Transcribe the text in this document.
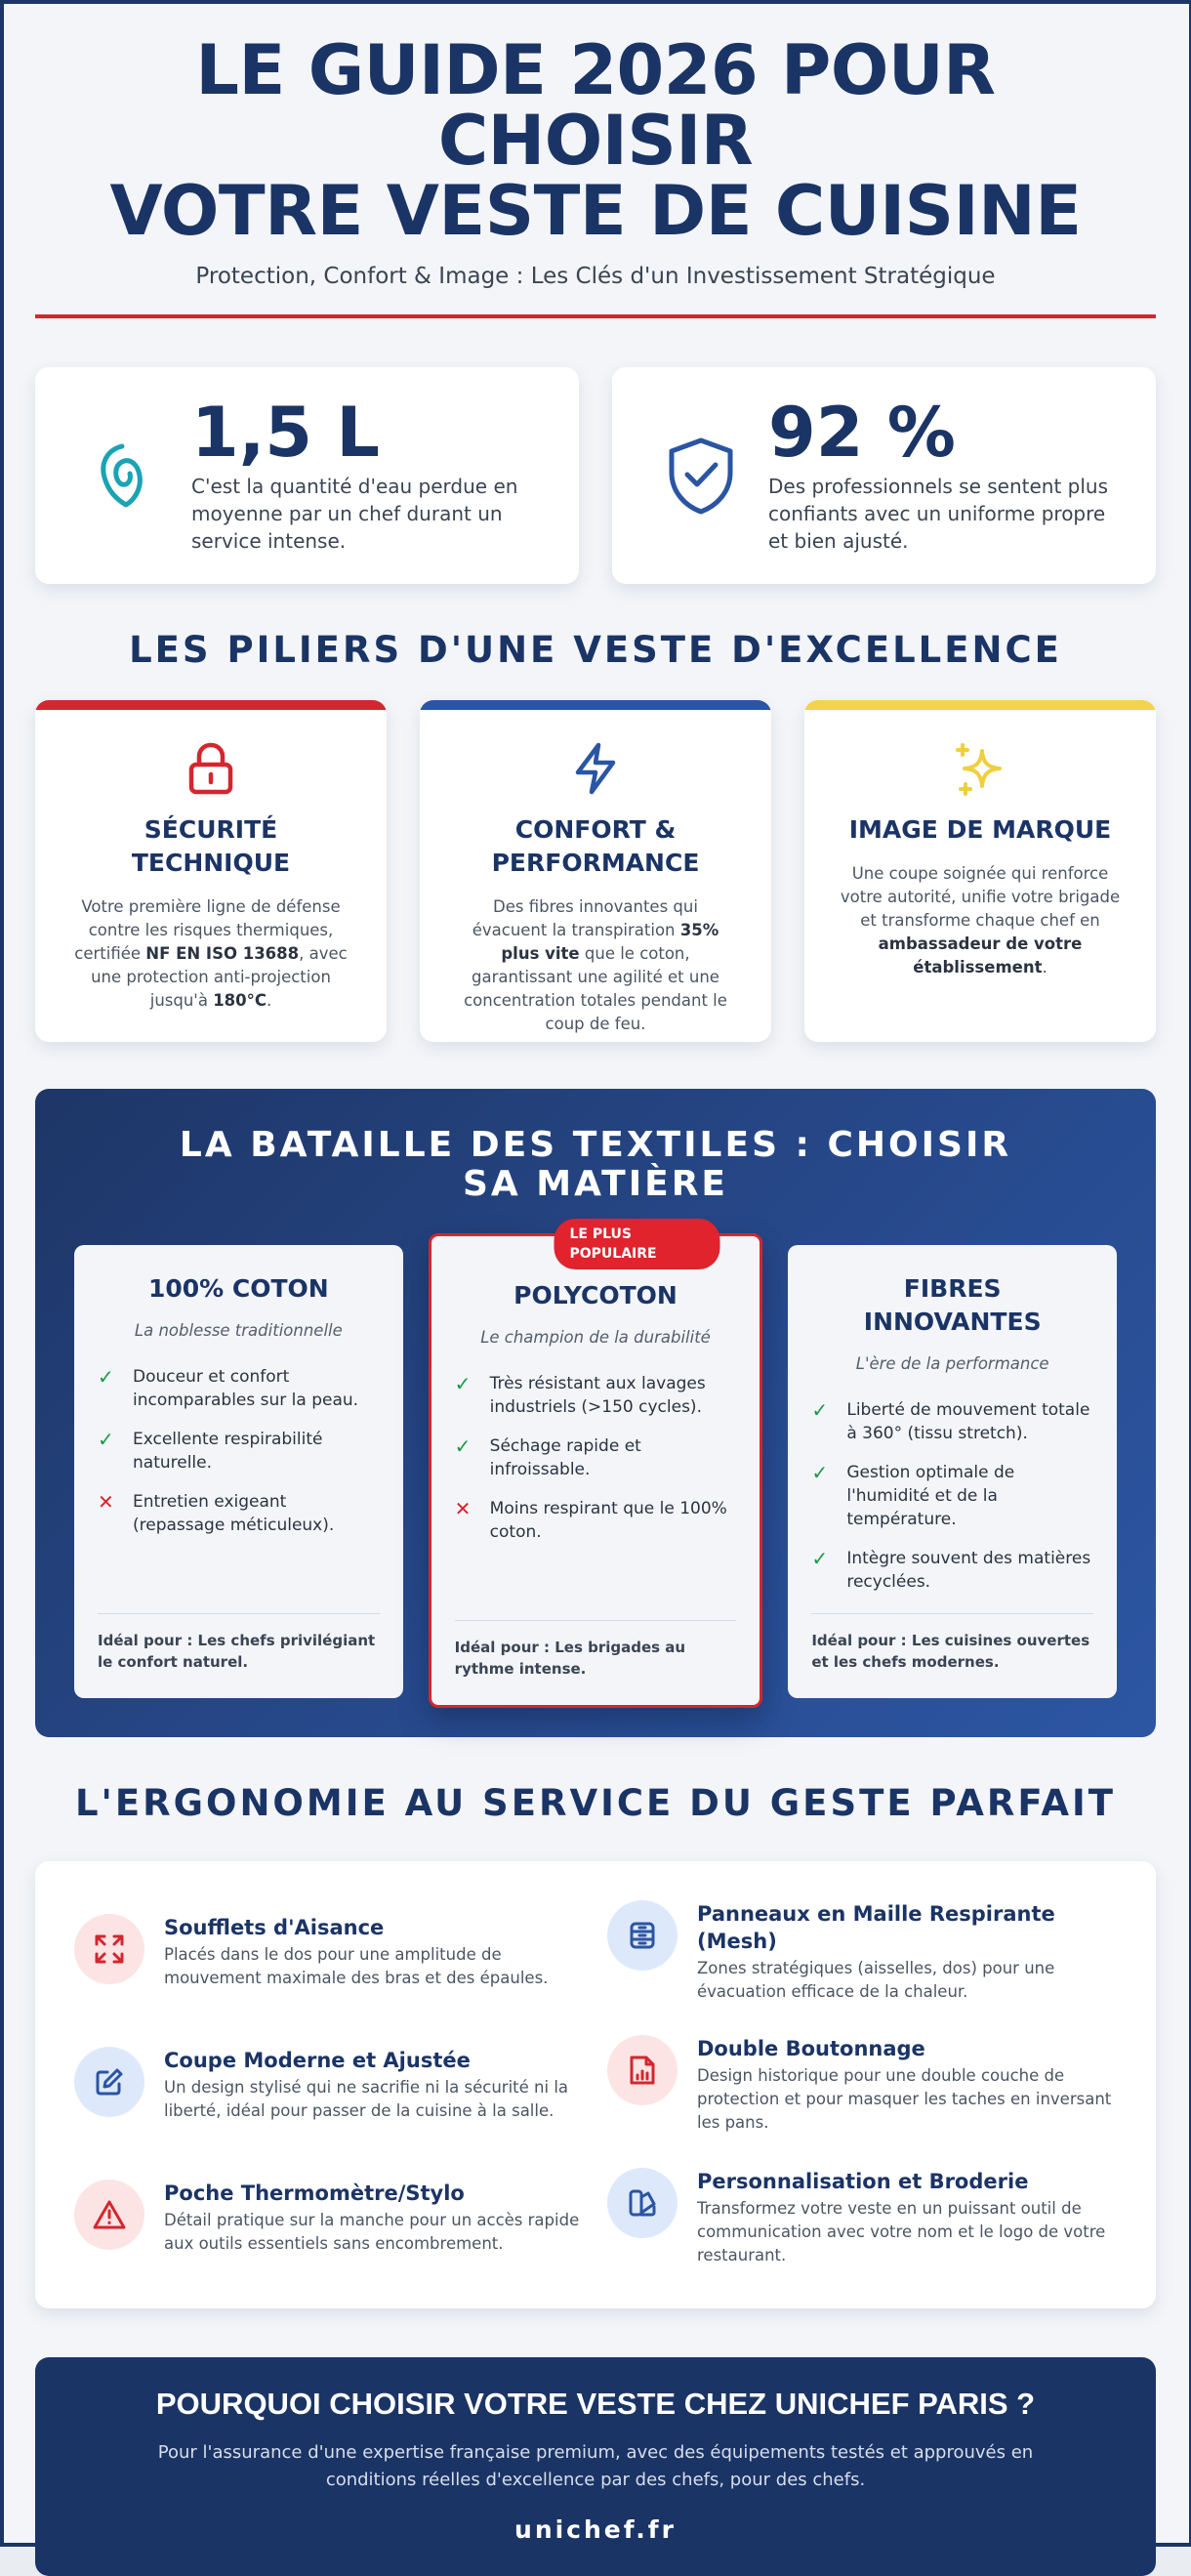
LE GUIDE 2026 POUR CHOISIR
VOTRE VESTE DE CUISINE
Protection, Confort & Image : Les Clés d'un Investissement Stratégique
1,5 L
C'est la quantité d'eau perdue en moyenne par un chef durant un service intense.
92 %
Des professionnels se sentent plus confiants avec un uniforme propre et bien ajusté.
LES PILIERS D'UNE VESTE D'EXCELLENCE
SÉCURITÉ TECHNIQUE
Votre première ligne de défense contre les risques thermiques, certifiée NF EN ISO 13688, avec une protection anti-projection jusqu'à 180°C.
CONFORT & PERFORMANCE
Des fibres innovantes qui évacuent la transpiration 35% plus vite que le coton, garantissant une agilité et une concentration totales pendant le coup de feu.
IMAGE DE MARQUE
Une coupe soignée qui renforce votre autorité, unifie votre brigade et transforme chaque chef en ambassadeur de votre établissement.
LA BATAILLE DES TEXTILES : CHOISIR SA MATIÈRE
100% COTON
La noblesse traditionnelle
✓	Douceur et confort incomparables sur la peau.
✓	Excellente respirabilité naturelle.
✕	Entretien exigeant (repassage méticuleux).
Idéal pour : Les chefs privilégiant le confort naturel.
LE PLUS POPULAIRE
POLYCOTON
Le champion de la durabilité
✓	Très résistant aux lavages industriels (>150 cycles).
✓	Séchage rapide et infroissable.
✕	Moins respirant que le 100% coton.
Idéal pour : Les brigades au rythme intense.
FIBRES INNOVANTES
L'ère de la performance
✓	Liberté de mouvement totale à 360° (tissu stretch).
✓	Gestion optimale de l'humidité et de la température.
✓	Intègre souvent des matières recyclées.
Idéal pour : Les cuisines ouvertes et les chefs modernes.
L'ERGONOMIE AU SERVICE DU GESTE PARFAIT
Soufflets d'Aisance
Placés dans le dos pour une amplitude de mouvement maximale des bras et des épaules.
Panneaux en Maille Respirante (Mesh)
Zones stratégiques (aisselles, dos) pour une évacuation efficace de la chaleur.
Coupe Moderne et Ajustée
Un design stylisé qui ne sacrifie ni la sécurité ni la liberté, idéal pour passer de la cuisine à la salle.
Double Boutonnage
Design historique pour une double couche de protection et pour masquer les taches en inversant les pans.
Poche Thermomètre/Stylo
Détail pratique sur la manche pour un accès rapide aux outils essentiels sans encombrement.
Personnalisation et Broderie
Transformez votre veste en un puissant outil de communication avec votre nom et le logo de votre restaurant.
POURQUOI CHOISIR VOTRE VESTE CHEZ UNICHEF PARIS ?
Pour l'assurance d'une expertise française premium, avec des équipements testés et approuvés en conditions réelles d'excellence par des chefs, pour des chefs.
unichef.fr
